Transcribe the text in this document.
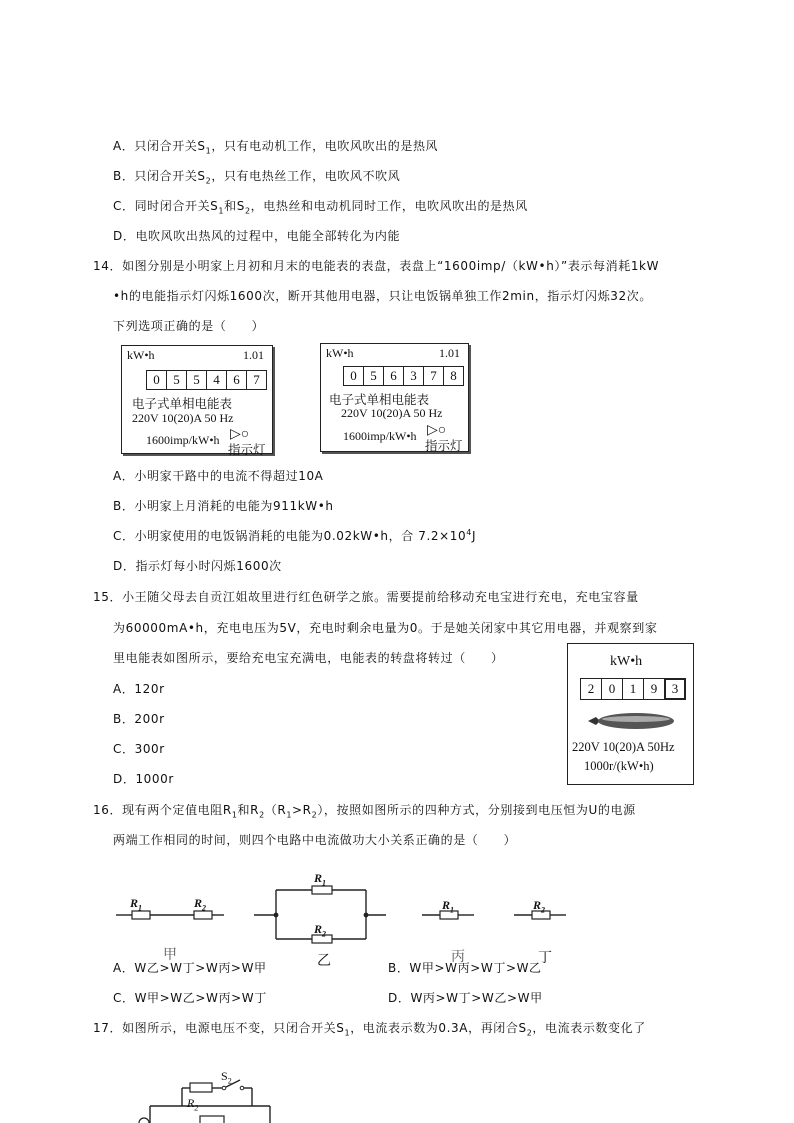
A．只闭合开关$S_1$，只有电动机工作，电吹风吹出的是热风
B．只闭合开关$S_2$，只有电热丝工作，电吹风不吹风
C．同时闭合开关$S_1$和$S_2$，电热丝和电动机同时工作，电吹风吹出的是热风
D．电吹风吹出热风的过程中，电能全部转化为内能
14．如图分别是小明家上月初和月末的电能表的表盘，表盘上“1600imp/（kW•h）”表示每消耗1kW
•h的电能指示灯闪烁1600次，断开其他用电器，只让电饭锅单独工作2min，指示灯闪烁32次。
下列选项正确的是（　　）
kW•h	1.01
0	5	5	4	6	7
电子式单相电能表
220V 10(20)A 50 Hz
1600imp/kW•h ▷○
指示灯
kW•h	1.01
0	5	6	3	7	8
电子式单相电能表
220V 10(20)A 50 Hz
1600imp/kW•h ▷○
指示灯
A．小明家干路中的电流不得超过10A
B．小明家上月消耗的电能为911kW•h
C．小明家使用的电饭锅消耗的电能为0.02kW•h，合 $7.2\times 10^4J$
D．指示灯每小时闪烁1600次
15．小王随父母去自贡江姐故里进行红色研学之旅。需要提前给移动充电宝进行充电，充电宝容量
为60000mA•h，充电电压为5V，充电时剩余电量为0。于是她关闭家中其它用电器，并观察到家
里电能表如图所示，要给充电宝充满电，电能表的转盘将转过（　　）
A．120r
B．200r
C．300r
D．1000r
kW•h
2	0	1	9	3
220V 10(20)A 50Hz
1000r/(kW•h)
16．现有两个定值电阻$R_1$和$R_2(R_1>R_2)$，按照如图所示的四种方式，分别接到电压恒为U的电源
两端工作相同的时间，则四个电路中电流做功大小关系正确的是（　　）
$R_1$	$R_2$
$R_1$
$R_2$
$R_1$	$R_2$
甲	乙	丙	丁
A．W乙>W丁>W丙>W甲	B．W甲>W丙>W丁>W乙
C．W甲>W乙>W丙>W丁	D．W丙>W丁>W乙>W甲
17．如图所示，电源电压不变，只闭合开关$S_1$，电流表示数为0.3A，再闭合$S_2$，电流表示数变化了
$S_2$
$R_2$
